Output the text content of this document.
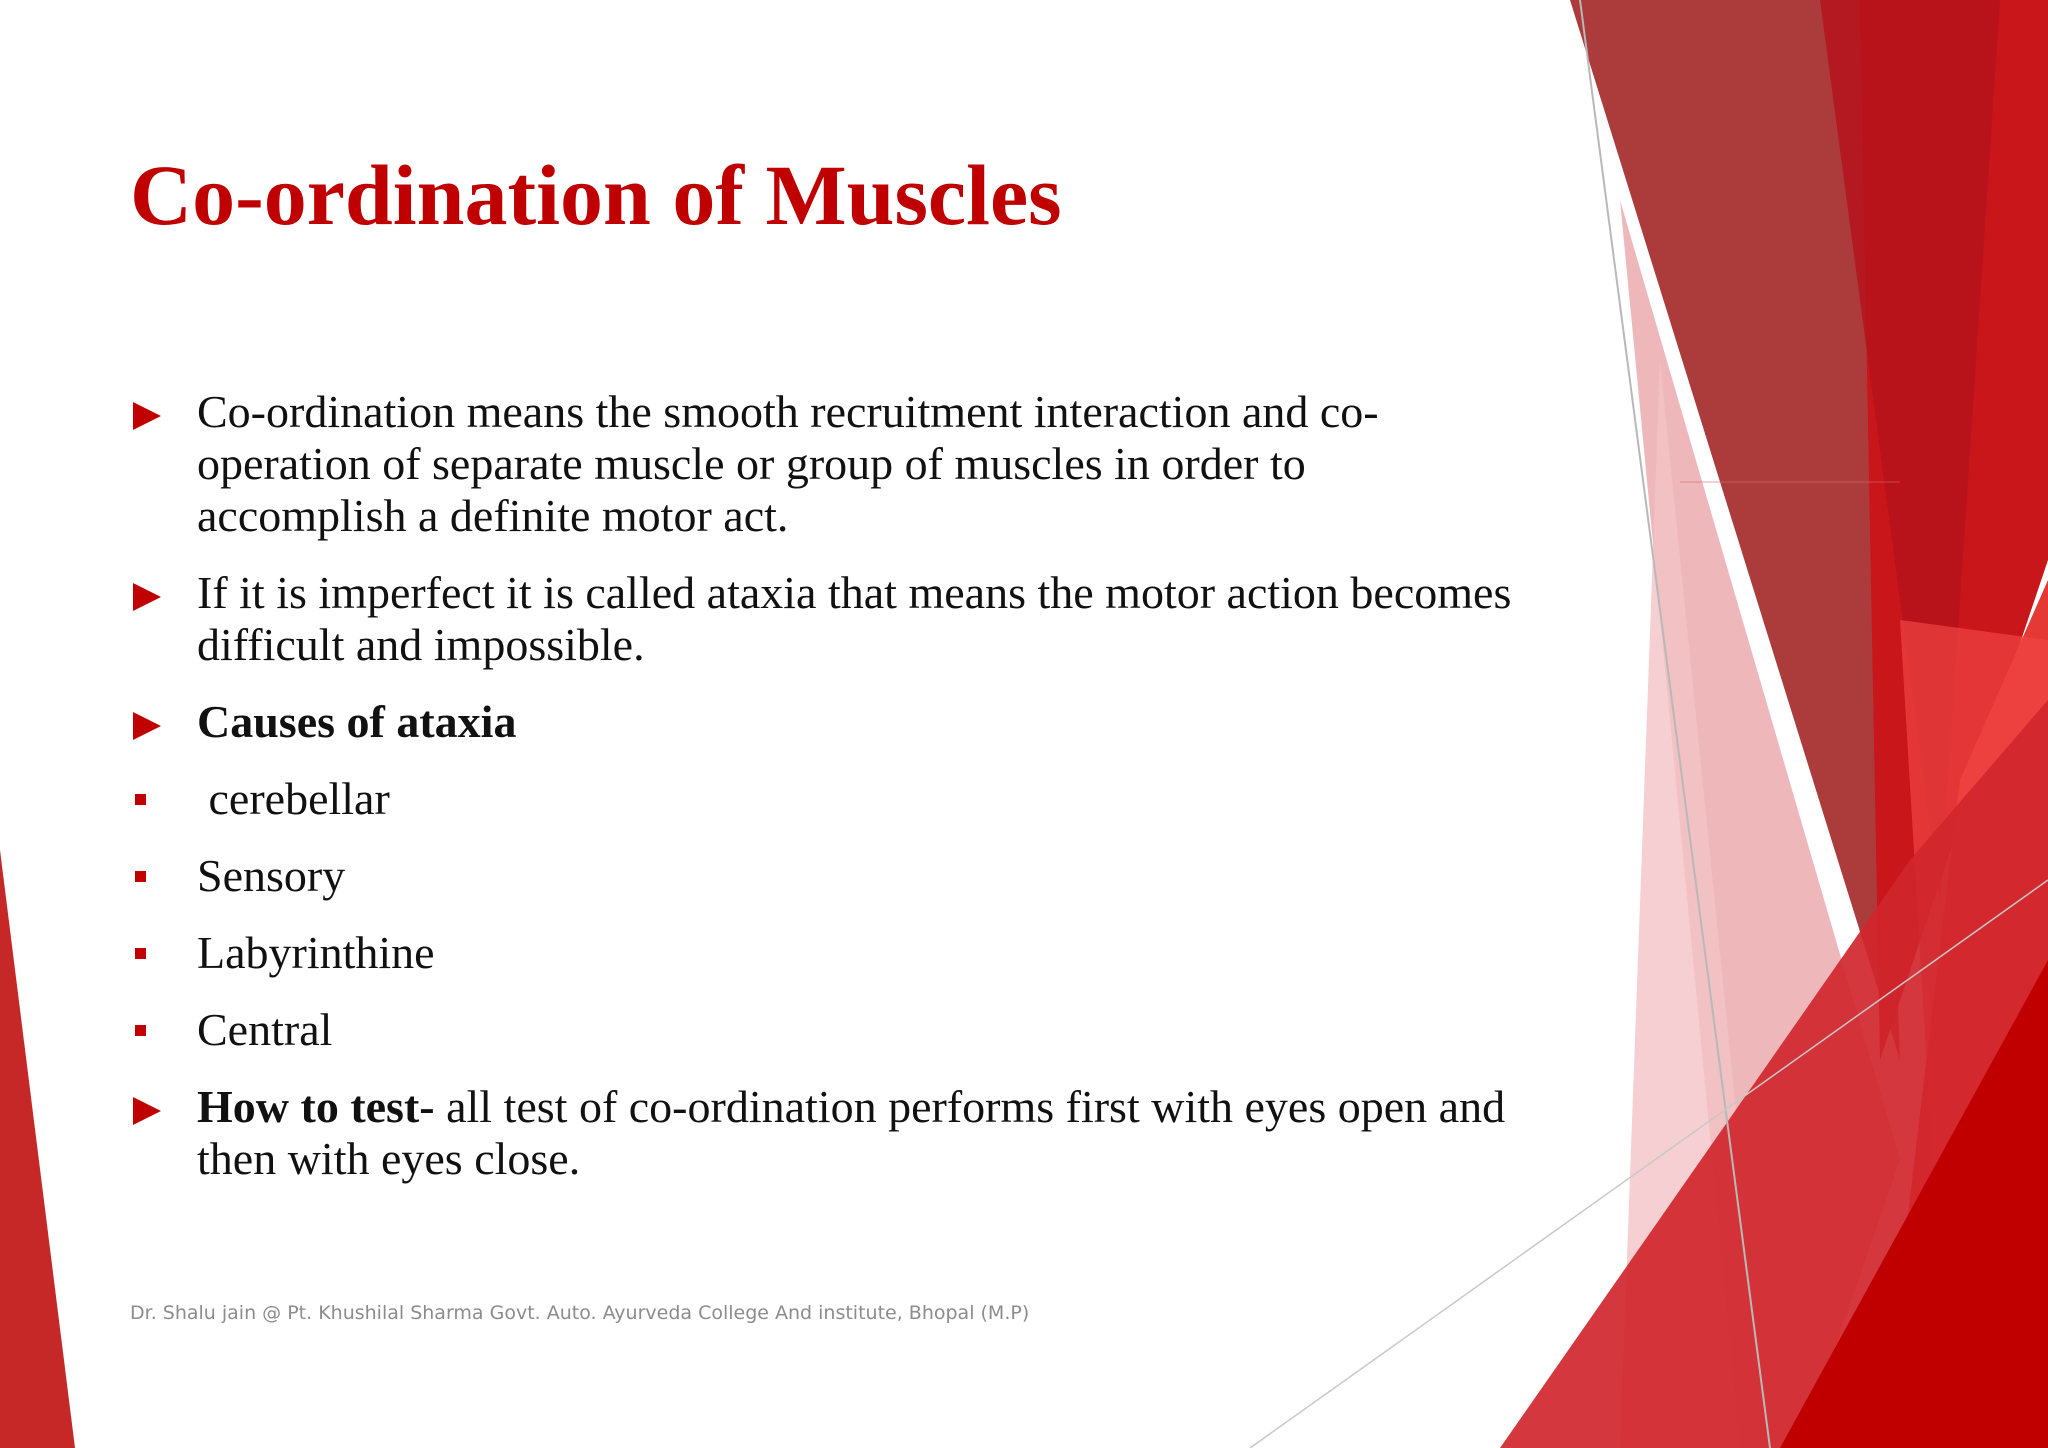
Co-ordination of Muscles
Co-ordination means the smooth recruitment interaction and co-operation of separate muscle or group of muscles in order to accomplish a definite motor act.
If it is imperfect it is called ataxia that means the motor action becomes difficult and impossible.
Causes of ataxia
cerebellar
Sensory
Labyrinthine
Central
How to test- all test of co-ordination performs first with eyes open and then with eyes close.
Dr. Shalu jain @ Pt. Khushilal Sharma Govt. Auto. Ayurveda College And institute, Bhopal (M.P)
